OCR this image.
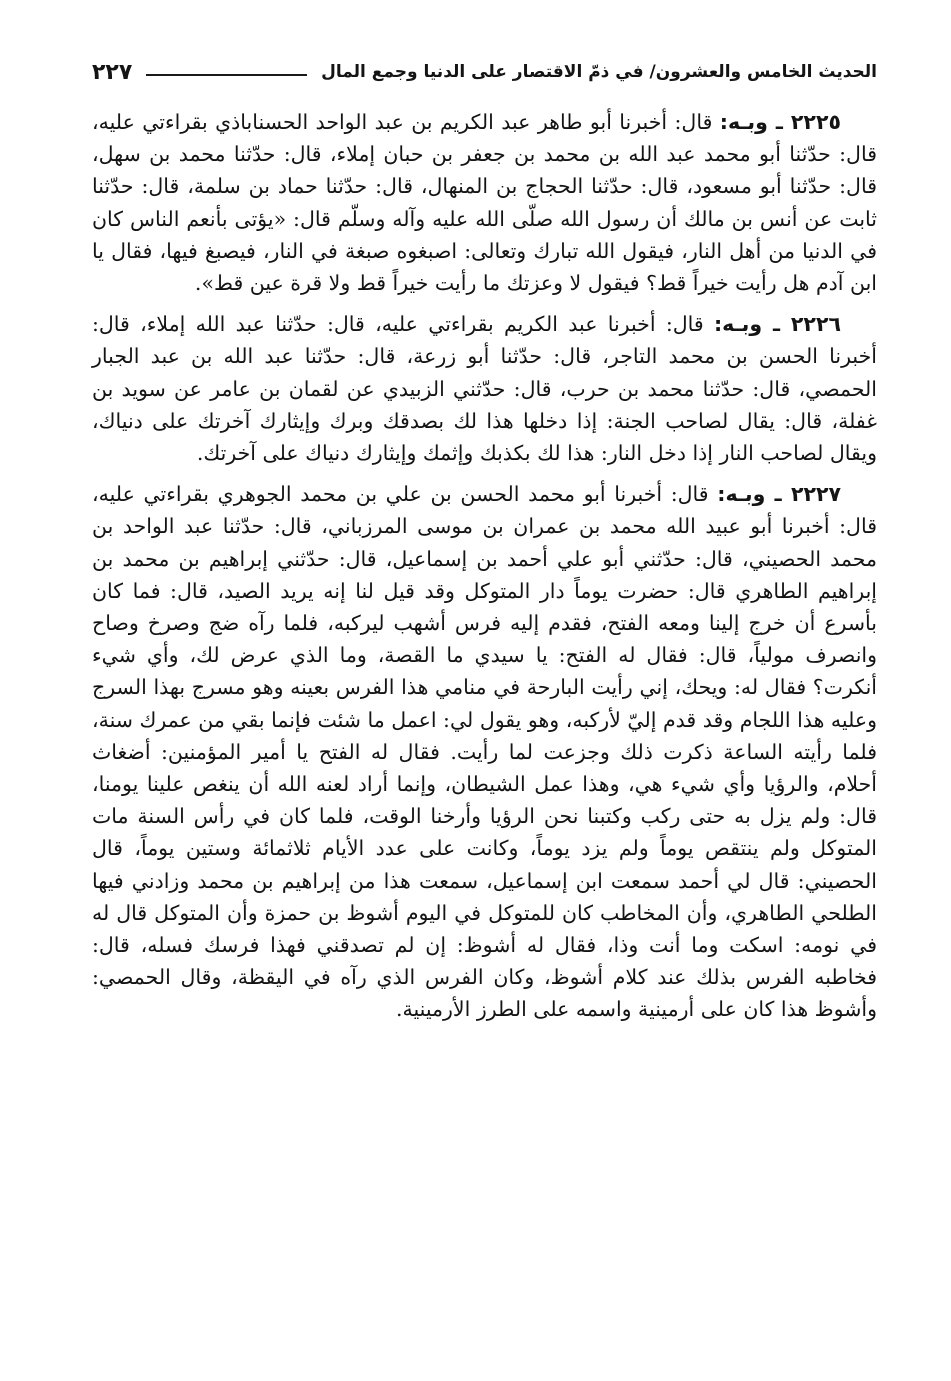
الحديث الخامس والعشرون/ في ذمّ الاقتصار على الدنيا وجمع المال
٢٢٧

٢٢٢٥ ـ وبـه: قال: أخبرنا أبو طاهر عبد الكريم بن عبد الواحد الحسناباذي بقراءتي عليه، قال: حدّثنا أبو محمد عبد الله بن محمد بن جعفر بن حبان إملاء، قال: حدّثنا محمد بن سهل، قال: حدّثنا أبو مسعود، قال: حدّثنا الحجاج بن المنهال، قال: حدّثنا حماد بن سلمة، قال: حدّثنا ثابت عن أنس بن مالك أن رسول الله صلّى الله عليه وآله وسلّم قال: «يؤتى بأنعم الناس كان في الدنيا من أهل النار، فيقول الله تبارك وتعالى: اصبغوه صبغة في النار، فيصبغ فيها، فقال يا ابن آدم هل رأيت خيراً قط؟ فيقول لا وعزتك ما رأيت خيراً قط ولا قرة عين قط».

٢٢٢٦ ـ وبـه: قال: أخبرنا عبد الكريم بقراءتي عليه، قال: حدّثنا عبد الله إملاء، قال: أخبرنا الحسن بن محمد التاجر، قال: حدّثنا أبو زرعة، قال: حدّثنا عبد الله بن عبد الجبار الحمصي، قال: حدّثنا محمد بن حرب، قال: حدّثني الزبيدي عن لقمان بن عامر عن سويد بن غفلة، قال: يقال لصاحب الجنة: إذا دخلها هذا لك بصدقك وبرك وإيثارك آخرتك على دنياك، ويقال لصاحب النار إذا دخل النار: هذا لك بكذبك وإثمك وإيثارك دنياك على آخرتك.

٢٢٢٧ ـ وبـه: قال: أخبرنا أبو محمد الحسن بن علي بن محمد الجوهري بقراءتي عليه، قال: أخبرنا أبو عبيد الله محمد بن عمران بن موسى المرزباني، قال: حدّثنا عبد الواحد بن محمد الحصيني، قال: حدّثني أبو علي أحمد بن إسماعيل، قال: حدّثني إبراهيم بن محمد بن إبراهيم الطاهري قال: حضرت يوماً دار المتوكل وقد قيل لنا إنه يريد الصيد، قال: فما كان بأسرع أن خرج إلينا ومعه الفتح، فقدم إليه فرس أشهب ليركبه، فلما رآه ضج وصرخ وصاح وانصرف مولياً، قال: فقال له الفتح: يا سيدي ما القصة، وما الذي عرض لك، وأي شيء أنكرت؟ فقال له: ويحك، إني رأيت البارحة في منامي هذا الفرس بعينه وهو مسرج بهذا السرج وعليه هذا اللجام وقد قدم إليّ لأركبه، وهو يقول لي: اعمل ما شئت فإنما بقي من عمرك سنة، فلما رأيته الساعة ذكرت ذلك وجزعت لما رأيت. فقال له الفتح يا أمير المؤمنين: أضغاث أحلام، والرؤيا وأي شيء هي، وهذا عمل الشيطان، وإنما أراد لعنه الله أن ينغص علينا يومنا، قال: ولم يزل به حتى ركب وكتبنا نحن الرؤيا وأرخنا الوقت، فلما كان في رأس السنة مات المتوكل ولم ينتقص يوماً ولم يزد يوماً، وكانت على عدد الأيام ثلاثمائة وستين يوماً، قال الحصيني: قال لي أحمد سمعت ابن إسماعيل، سمعت هذا من إبراهيم بن محمد وزادني فيها الطلحي الطاهري، وأن المخاطب كان للمتوكل في اليوم أشوظ بن حمزة وأن المتوكل قال له في نومه: اسكت وما أنت وذا، فقال له أشوظ: إن لم تصدقني فهذا فرسك فسله، قال: فخاطبه الفرس بذلك عند كلام أشوظ، وكان الفرس الذي رآه في اليقظة، وقال الحمصي: وأشوظ هذا كان على أرمينية واسمه على الطرز الأرمينية.
